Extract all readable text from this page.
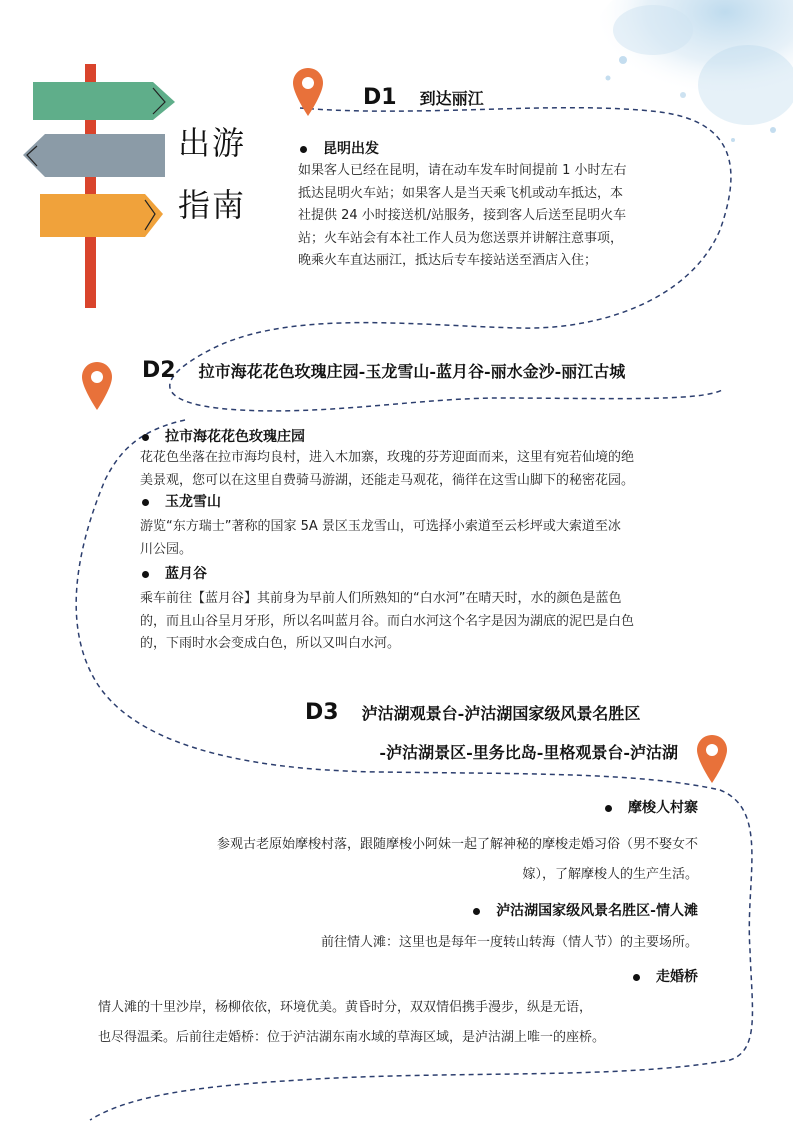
出游
指南
D1 到达丽江
昆明出发
如果客人已经在昆明，请在动车发车时间提前 1 小时左右
抵达昆明火车站；如果客人是当天乘飞机或动车抵达，本
社提供 24 小时接送机/站服务，接到客人后送至昆明火车
站；火车站会有本社工作人员为您送票并讲解注意事项，
晚乘火车直达丽江，抵达后专车接站送至酒店入住；
D2 拉市海花花色玫瑰庄园-玉龙雪山-蓝月谷-丽水金沙-丽江古城
拉市海花花色玫瑰庄园
花花色坐落在拉市海均良村，进入木加寨，玫瑰的芬芳迎面而来，这里有宛若仙境的绝
美景观，您可以在这里自费骑马游湖，还能走马观花，徜徉在这雪山脚下的秘密花园。
玉龙雪山
游览“东方瑞士”著称的国家 5A 景区玉龙雪山，可选择小索道至云杉坪或大索道至冰
川公园。
蓝月谷
乘车前往【蓝月谷】其前身为早前人们所熟知的“白水河”在晴天时，水的颜色是蓝色
的，而且山谷呈月牙形，所以名叫蓝月谷。而白水河这个名字是因为湖底的泥巴是白色
的，下雨时水会变成白色，所以又叫白水河。
D3 泸沽湖观景台-泸沽湖国家级风景名胜区
-泸沽湖景区-里务比岛-里格观景台-泸沽湖
摩梭人村寨
参观古老原始摩梭村落，跟随摩梭小阿妹一起了解神秘的摩梭走婚习俗（男不娶女不
嫁），了解摩梭人的生产生活。
泸沽湖国家级风景名胜区-情人滩
前往情人滩：这里也是每年一度转山转海（情人节）的主要场所。
走婚桥
情人滩的十里沙岸，杨柳依依，环境优美。黄昏时分，双双情侣携手漫步，纵是无语，
也尽得温柔。后前往走婚桥：位于泸沽湖东南水域的草海区域，是泸沽湖上唯一的座桥。
